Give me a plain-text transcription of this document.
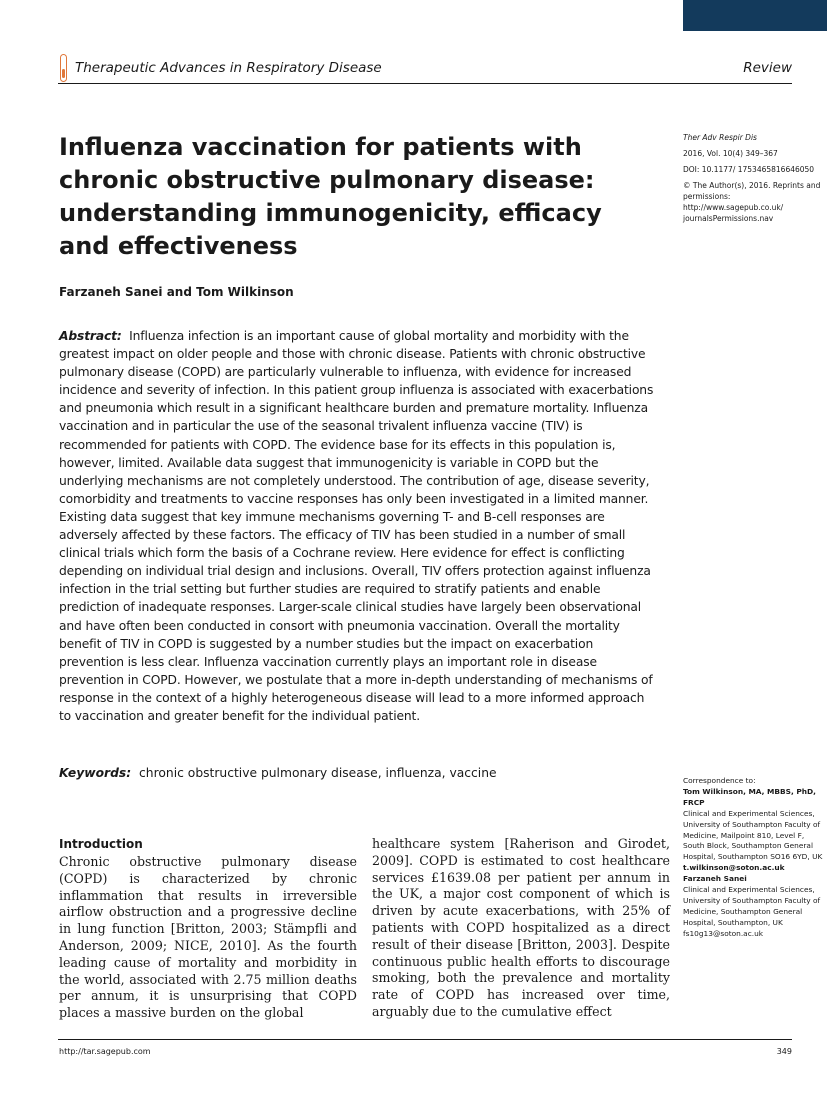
Therapeutic Advances in Respiratory Disease	Review
Influenza vaccination for patients with chronic obstructive pulmonary disease: understanding immunogenicity, efficacy and effectiveness
Farzaneh Sanei and Tom Wilkinson
Ther Adv Respir Dis
2016, Vol. 10(4) 349–367
DOI: 10.1177/ 1753465816646050
© The Author(s), 2016. Reprints and permissions: http://www.sagepub.co.uk/ journalsPermissions.nav
Abstract: Influenza infection is an important cause of global mortality and morbidity with the greatest impact on older people and those with chronic disease. Patients with chronic obstructive pulmonary disease (COPD) are particularly vulnerable to influenza, with evidence for increased incidence and severity of infection. In this patient group influenza is associated with exacerbations and pneumonia which result in a significant healthcare burden and premature mortality. Influenza vaccination and in particular the use of the seasonal trivalent influenza vaccine (TIV) is recommended for patients with COPD. The evidence base for its effects in this population is, however, limited. Available data suggest that immunogenicity is variable in COPD but the underlying mechanisms are not completely understood. The contribution of age, disease severity, comorbidity and treatments to vaccine responses has only been investigated in a limited manner. Existing data suggest that key immune mechanisms governing T- and B-cell responses are adversely affected by these factors. The efficacy of TIV has been studied in a number of small clinical trials which form the basis of a Cochrane review. Here evidence for effect is conflicting depending on individual trial design and inclusions. Overall, TIV offers protection against influenza infection in the trial setting but further studies are required to stratify patients and enable prediction of inadequate responses. Larger-scale clinical studies have largely been observational and have often been conducted in consort with pneumonia vaccination. Overall the mortality benefit of TIV in COPD is suggested by a number studies but the impact on exacerbation prevention is less clear. Influenza vaccination currently plays an important role in disease prevention in COPD. However, we postulate that a more in-depth understanding of mechanisms of response in the context of a highly heterogeneous disease will lead to a more informed approach to vaccination and greater benefit for the individual patient.
Keywords: chronic obstructive pulmonary disease, influenza, vaccine
Correspondence to:
Tom Wilkinson, MA, MBBS, PhD, FRCP
Clinical and Experimental Sciences, University of Southampton Faculty of Medicine, Mailpoint 810, Level F, South Block, Southampton General Hospital, Southampton SO16 6YD, UK
t.wilkinson@soton.ac.uk
Farzaneh Sanei
Clinical and Experimental Sciences, University of Southampton Faculty of Medicine, Southampton General Hospital, Southampton, UK
fs10g13@soton.ac.uk
Introduction
Chronic obstructive pulmonary disease (COPD) is characterized by chronic inflammation that results in irreversible airflow obstruction and a progressive decline in lung function [Britton, 2003; Stämpfli and Anderson, 2009; NICE, 2010]. As the fourth leading cause of mortality and morbidity in the world, associated with 2.75 million deaths per annum, it is unsurprising that COPD places a massive burden on the global
healthcare system [Raherison and Girodet, 2009]. COPD is estimated to cost healthcare services £1639.08 per patient per annum in the UK, a major cost component of which is driven by acute exacerbations, with 25% of patients with COPD hospitalized as a direct result of their disease [Britton, 2003]. Despite continuous public health efforts to discourage smoking, both the prevalence and mortality rate of COPD has increased over time, arguably due to the cumulative effect
http://tar.sagepub.com	349
